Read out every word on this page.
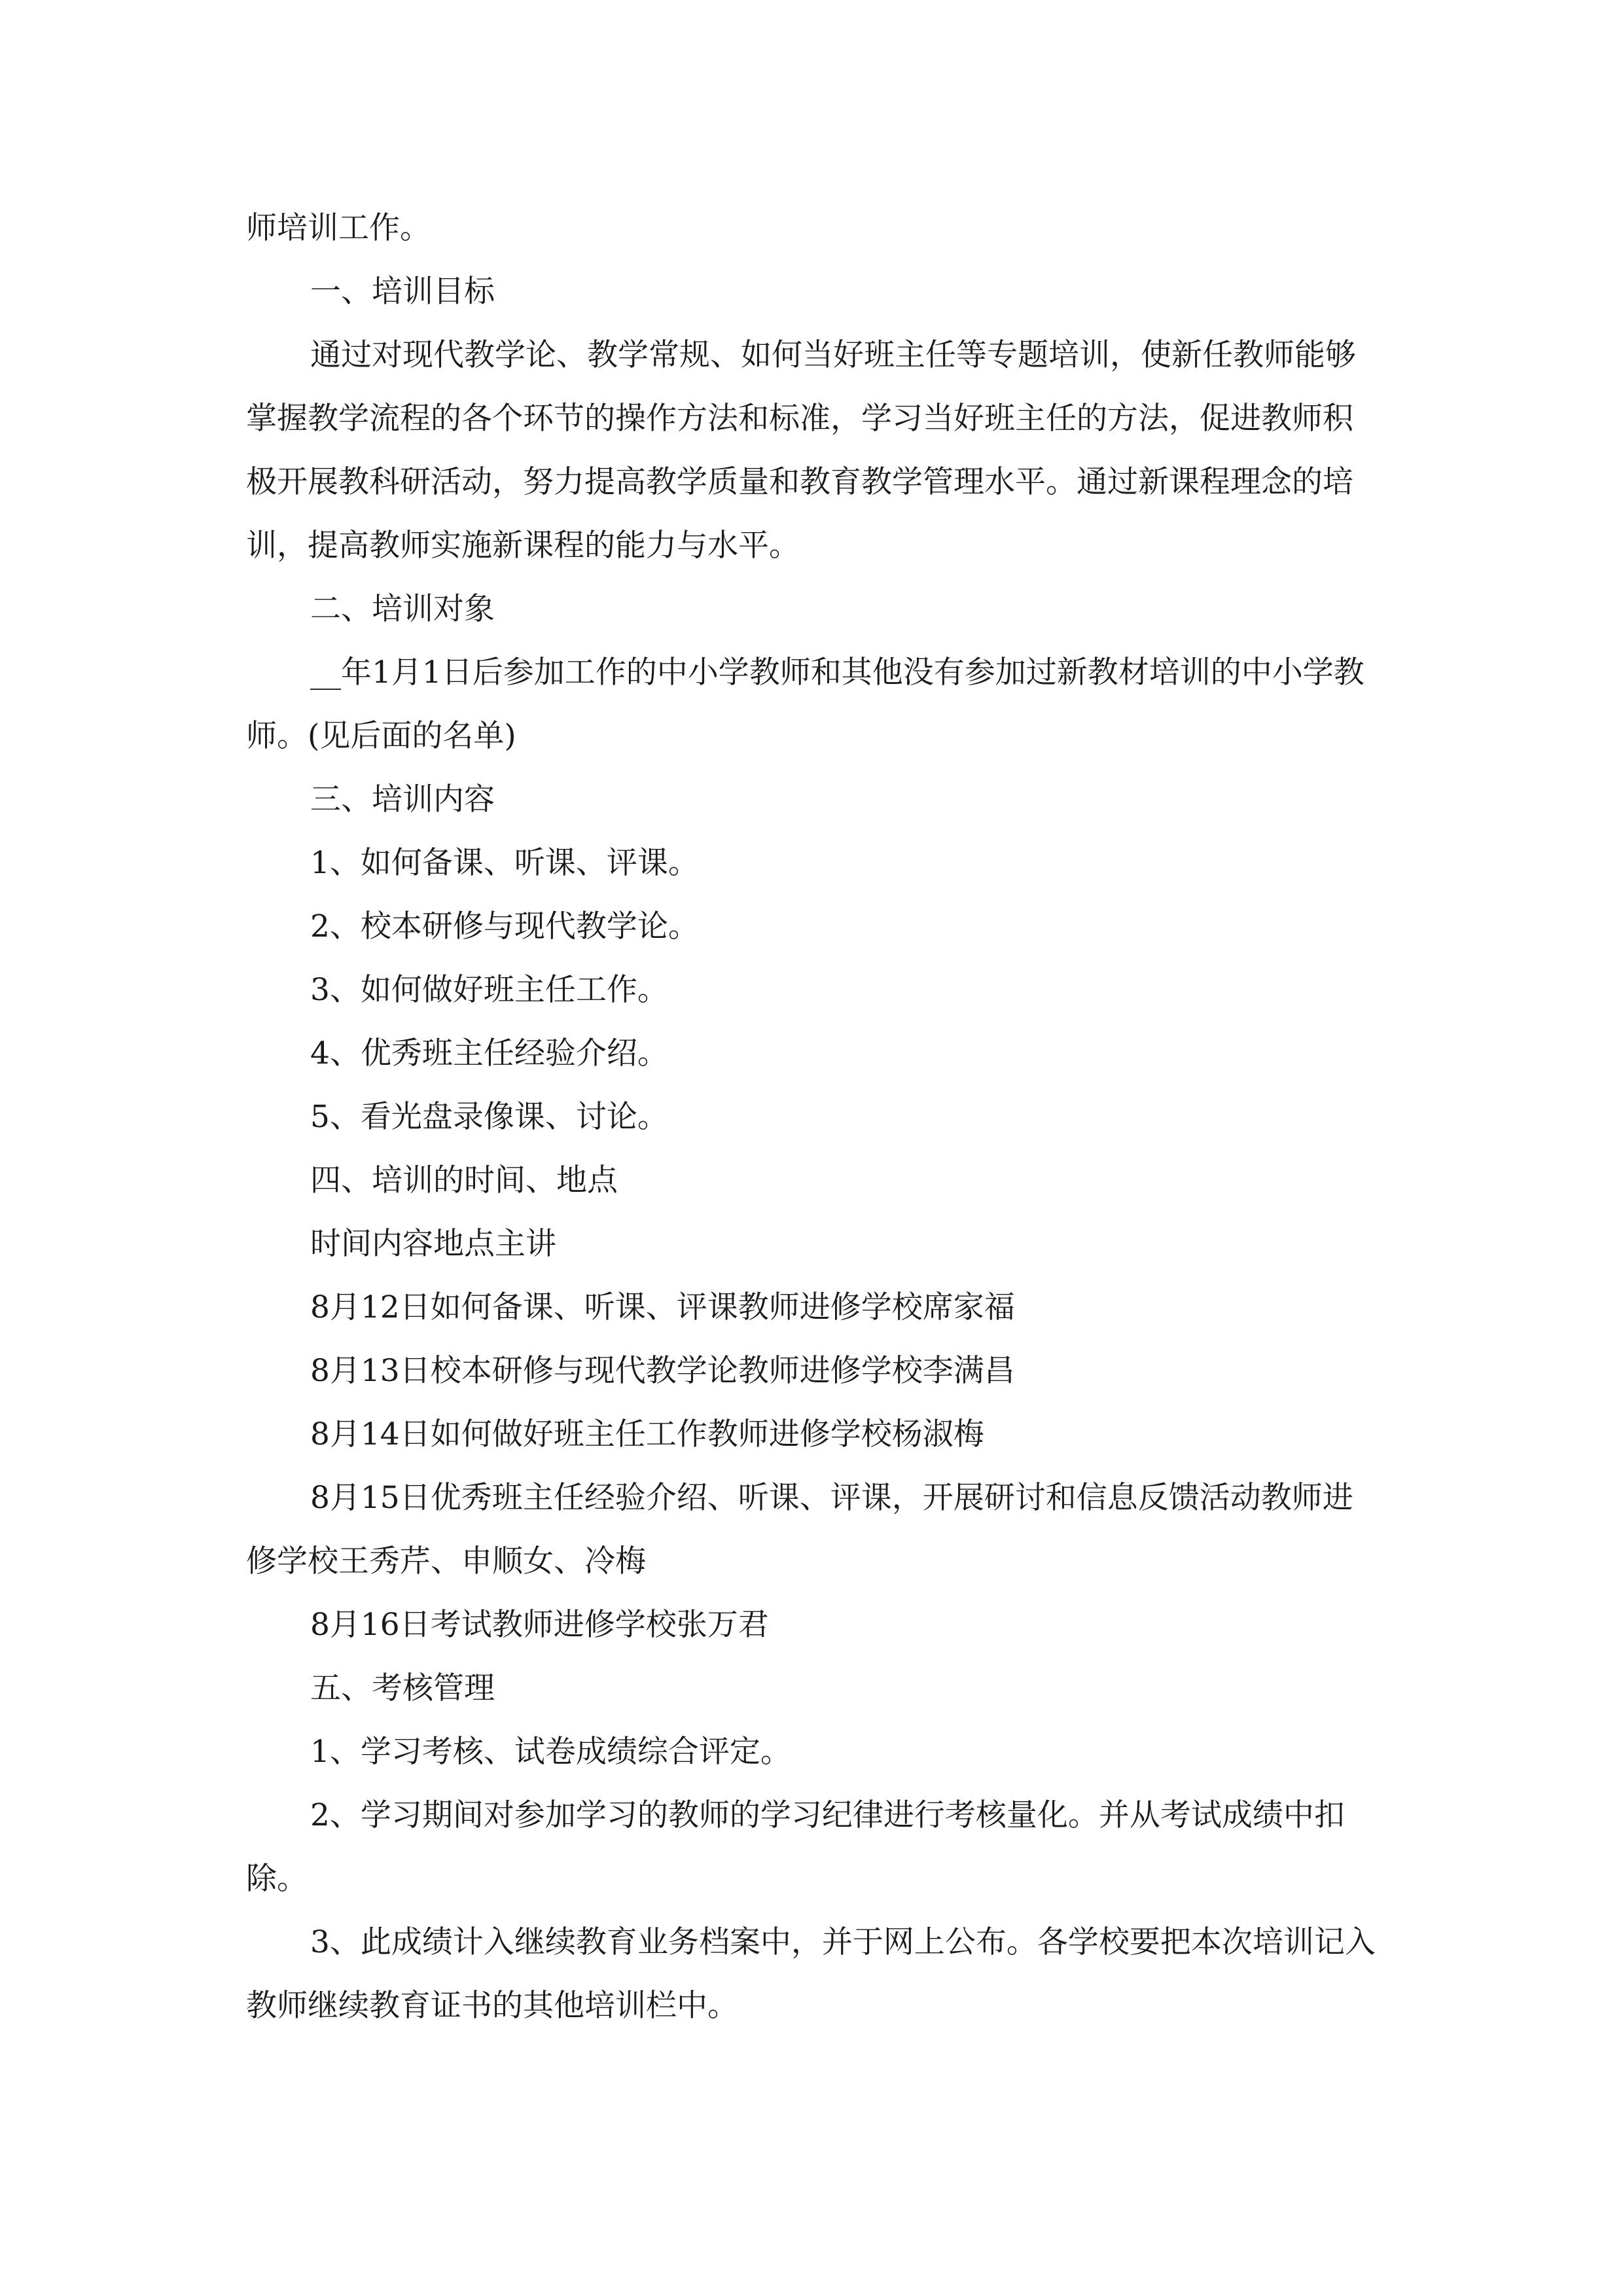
师培训工作。

一、培训目标

通过对现代教学论、教学常规、如何当好班主任等专题培训，使新任教师能够掌握教学流程的各个环节的操作方法和标准，学习当好班主任的方法，促进教师积极开展教科研活动，努力提高教学质量和教育教学管理水平。通过新课程理念的培训，提高教师实施新课程的能力与水平。

二、培训对象

__年1月1日后参加工作的中小学教师和其他没有参加过新教材培训的中小学教师。(见后面的名单)

三、培训内容

1、如何备课、听课、评课。

2、校本研修与现代教学论。

3、如何做好班主任工作。

4、优秀班主任经验介绍。

5、看光盘录像课、讨论。

四、培训的时间、地点

时间内容地点主讲

8月12日如何备课、听课、评课教师进修学校席家福

8月13日校本研修与现代教学论教师进修学校李满昌

8月14日如何做好班主任工作教师进修学校杨淑梅

8月15日优秀班主任经验介绍、听课、评课，开展研讨和信息反馈活动教师进修学校王秀芹、申顺女、冷梅

8月16日考试教师进修学校张万君

五、考核管理

1、学习考核、试卷成绩综合评定。

2、学习期间对参加学习的教师的学习纪律进行考核量化。并从考试成绩中扣除。

3、此成绩计入继续教育业务档案中，并于网上公布。各学校要把本次培训记入教师继续教育证书的其他培训栏中。
